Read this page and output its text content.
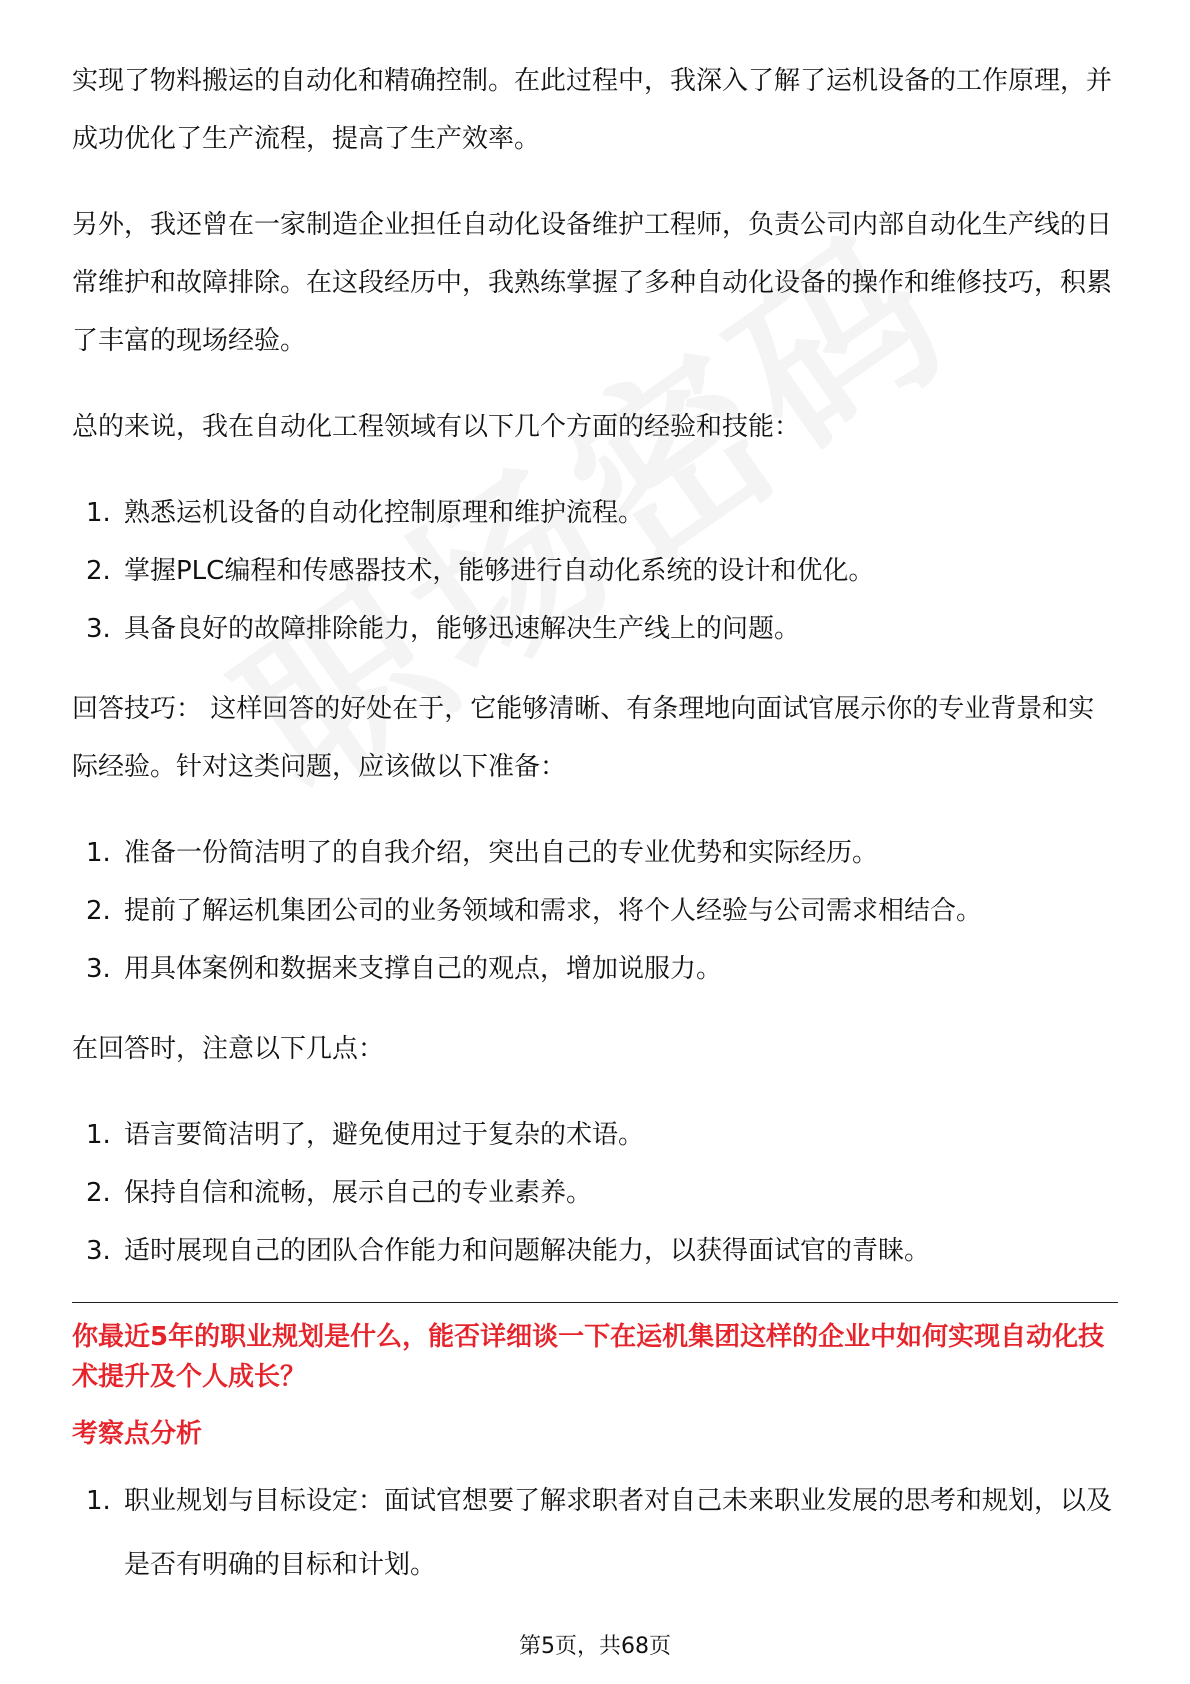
实现了物料搬运的自动化和精确控制。在此过程中，我深入了解了运机设备的工作原理，并成功优化了生产流程，提高了生产效率。

另外，我还曾在一家制造企业担任自动化设备维护工程师，负责公司内部自动化生产线的日常维护和故障排除。在这段经历中，我熟练掌握了多种自动化设备的操作和维修技巧，积累了丰富的现场经验。

总的来说，我在自动化工程领域有以下几个方面的经验和技能：

1. 熟悉运机设备的自动化控制原理和维护流程。
2. 掌握PLC编程和传感器技术，能够进行自动化系统的设计和优化。
3. 具备良好的故障排除能力，能够迅速解决生产线上的问题。

回答技巧： 这样回答的好处在于，它能够清晰、有条理地向面试官展示你的专业背景和实际经验。针对这类问题，应该做以下准备：

1. 准备一份简洁明了的自我介绍，突出自己的专业优势和实际经历。
2. 提前了解运机集团公司的业务领域和需求，将个人经验与公司需求相结合。
3. 用具体案例和数据来支撑自己的观点，增加说服力。

在回答时，注意以下几点：

1. 语言要简洁明了，避免使用过于复杂的术语。
2. 保持自信和流畅，展示自己的专业素养。
3. 适时展现自己的团队合作能力和问题解决能力，以获得面试官的青睐。
你最近5年的职业规划是什么，能否详细谈一下在运机集团这样的企业中如何实现自动化技术提升及个人成长？
考察点分析
1. 职业规划与目标设定：面试官想要了解求职者对自己未来职业发展的思考和规划，以及是否有明确的目标和计划。
第5页，共68页
